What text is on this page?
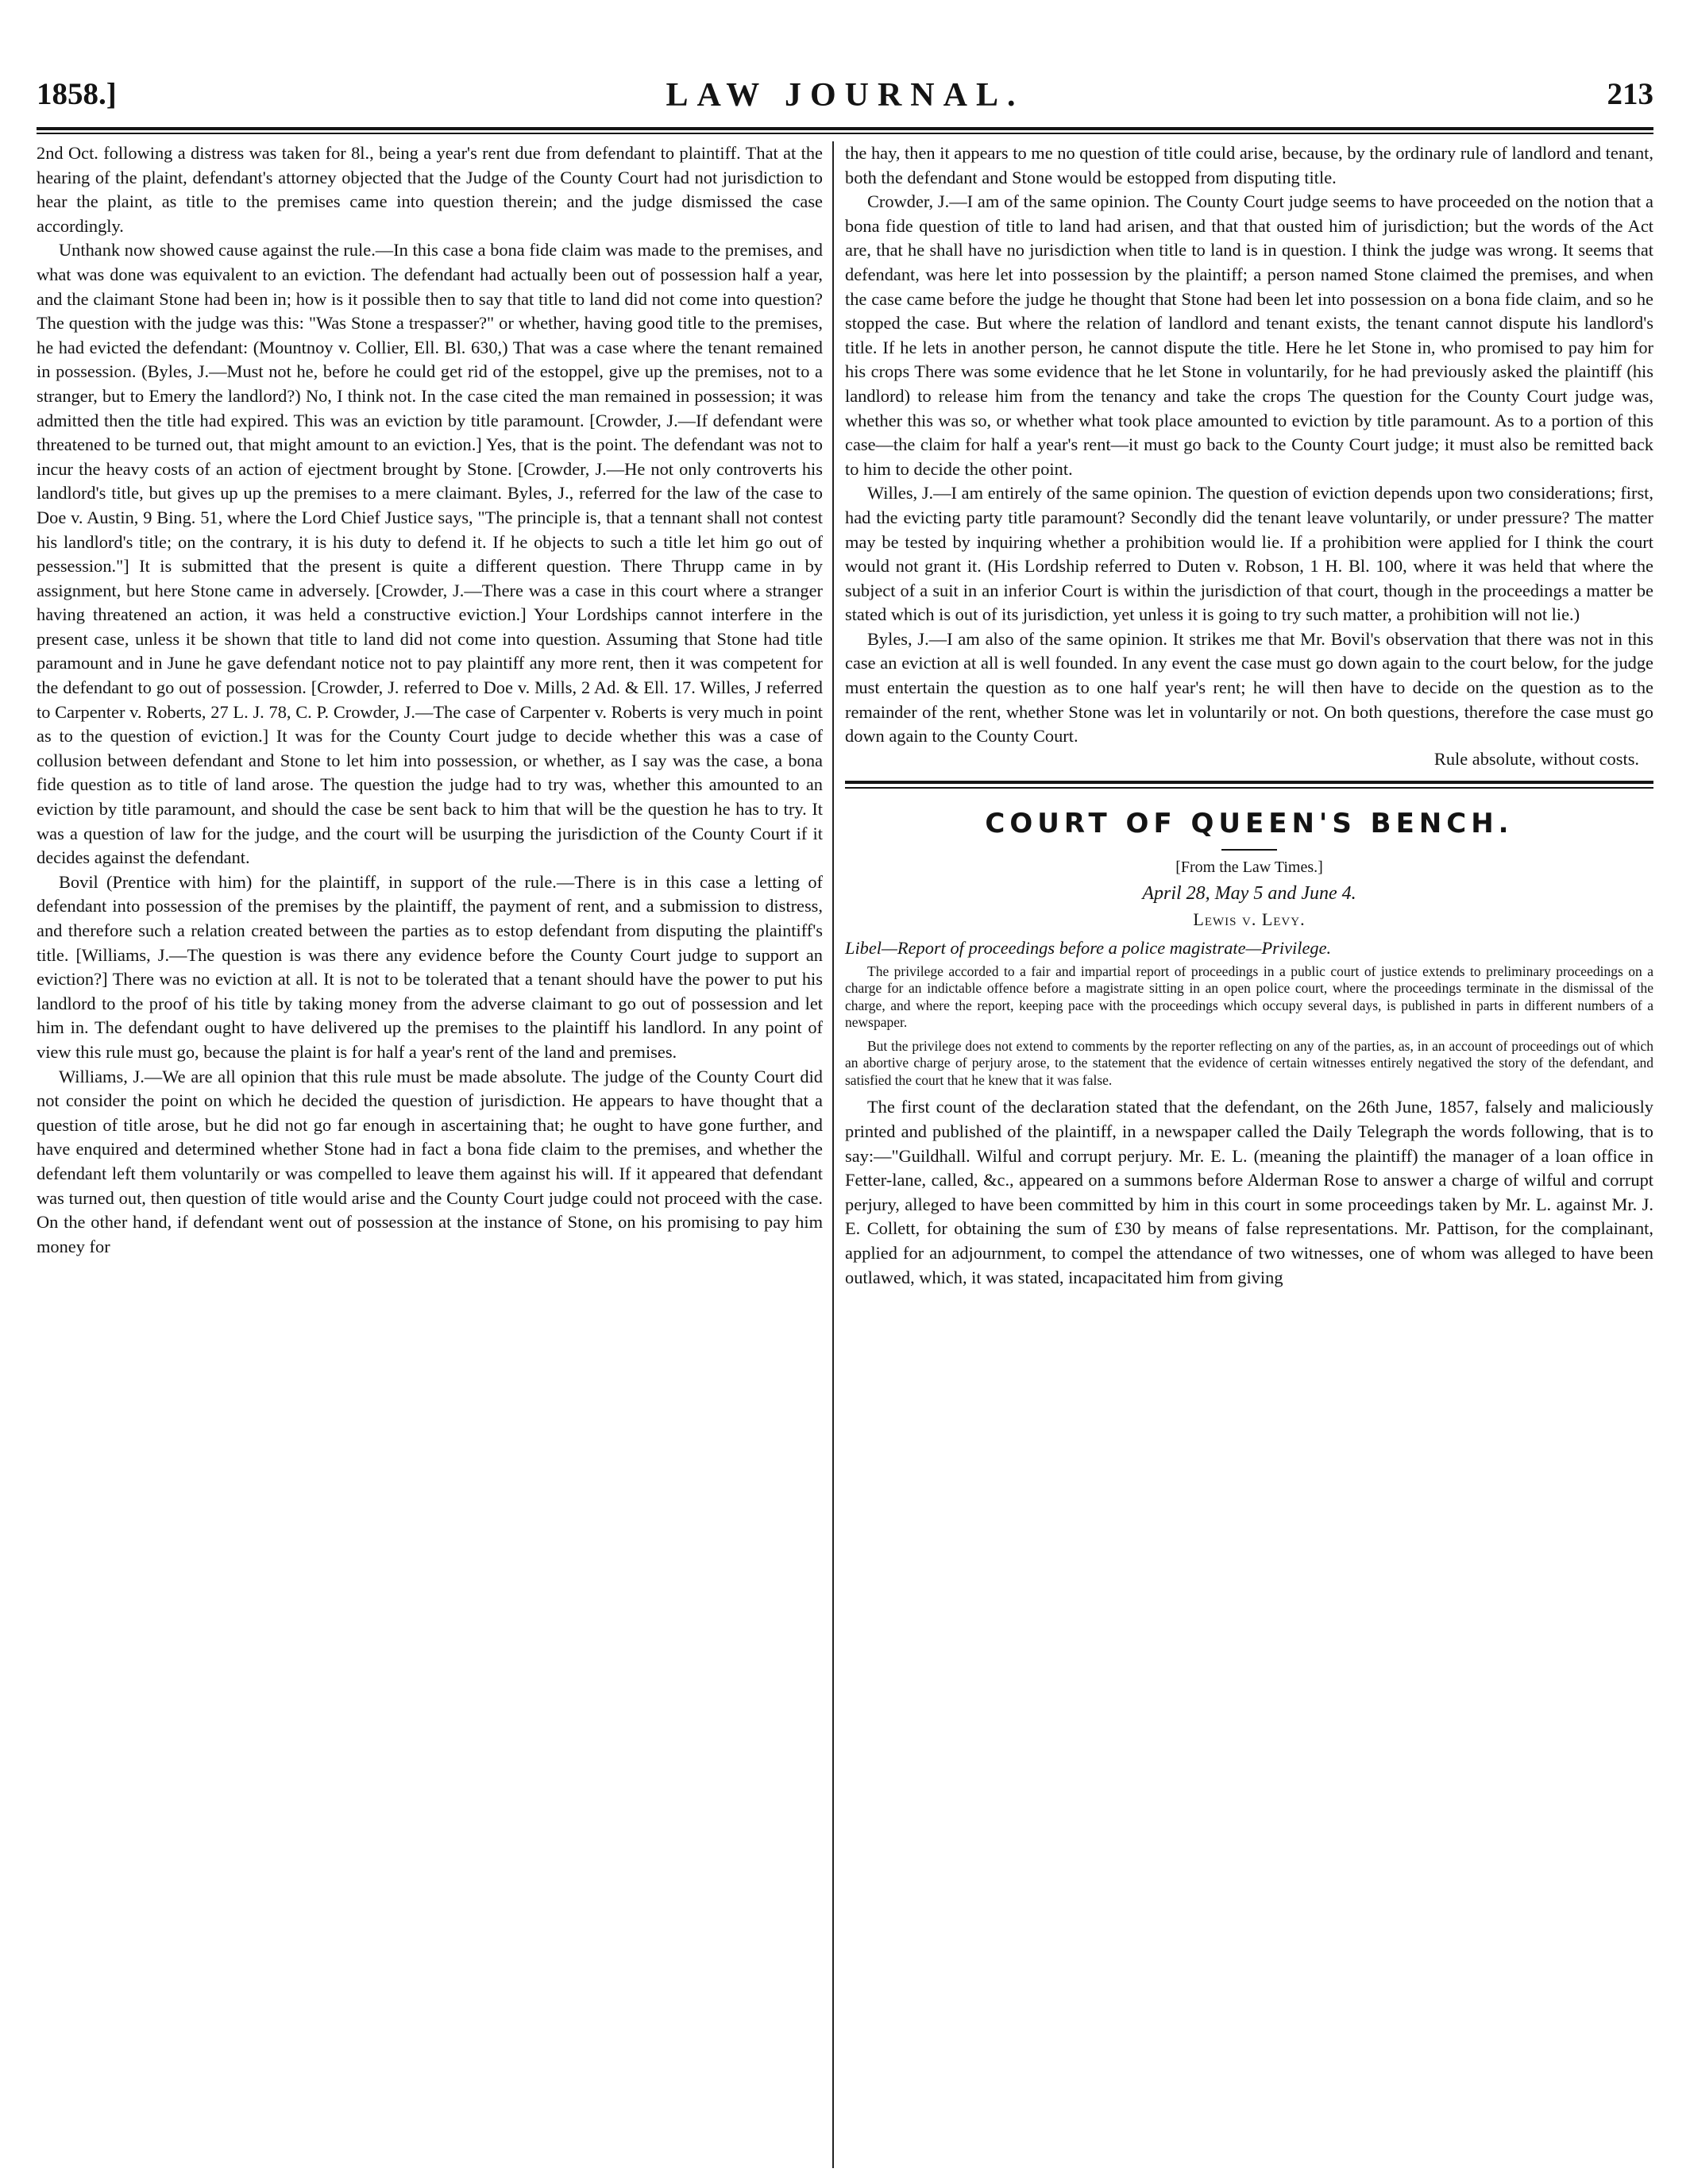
1858.]	LAW JOURNAL.	213

2nd Oct. following a distress was taken for 8l., being a year's rent due from defendant to plaintiff. That at the hearing of the plaint, defendant's attorney objected that the Judge of the County Court had not jurisdiction to hear the plaint, as title to the premises came into question therein; and the judge dismissed the case accordingly.

Unthank now showed cause against the rule.—In this case a bona fide claim was made to the premises, and what was done was equivalent to an eviction. The defendant had actually been out of possession half a year, and the claimant Stone had been in; how is it possible then to say that title to land did not come into question? The question with the judge was this: "Was Stone a trespasser?" or whether, having good title to the premises, he had evicted the defendant: (Mountnoy v. Collier, Ell. Bl. 630,) That was a case where the tenant remained in possession. (Byles, J.—Must not he, before he could get rid of the estoppel, give up the premises, not to a stranger, but to Emery the landlord?) No, I think not. In the case cited the man remained in possession; it was admitted then the title had expired. This was an eviction by title paramount. [Crowder, J.—If defendant were threatened to be turned out, that might amount to an eviction.] Yes, that is the point. The defendant was not to incur the heavy costs of an action of ejectment brought by Stone. [Crowder, J.—He not only controverts his landlord's title, but gives up up the premises to a mere claimant. Byles, J., referred for the law of the case to Doe v. Austin, 9 Bing. 51, where the Lord Chief Justice says, "The principle is, that a tennant shall not contest his landlord's title; on the contrary, it is his duty to defend it. If he objects to such a title let him go out of pessession."] It is submitted that the present is quite a different question. There Thrupp came in by assignment, but here Stone came in adversely. [Crowder, J.—There was a case in this court where a stranger having threatened an action, it was held a constructive eviction.] Your Lordships cannot interfere in the present case, unless it be shown that title to land did not come into question. Assuming that Stone had title paramount and in June he gave defendant notice not to pay plaintiff any more rent, then it was competent for the defendant to go out of possession. [Crowder, J. referred to Doe v. Mills, 2 Ad. & Ell. 17. Willes, J referred to Carpenter v. Roberts, 27 L. J. 78, C. P. Crowder, J.—The case of Carpenter v. Roberts is very much in point as to the question of eviction.] It was for the County Court judge to decide whether this was a case of collusion between defendant and Stone to let him into possession, or whether, as I say was the case, a bona fide question as to title of land arose. The question the judge had to try was, whether this amounted to an eviction by title paramount, and should the case be sent back to him that will be the question he has to try. It was a question of law for the judge, and the court will be usurping the jurisdiction of the County Court if it decides against the defendant.

Bovil (Prentice with him) for the plaintiff, in support of the rule.—There is in this case a letting of defendant into possession of the premises by the plaintiff, the payment of rent, and a submission to distress, and therefore such a relation created between the parties as to estop defendant from disputing the plaintiff's title. [Williams, J.—The question is was there any evidence before the County Court judge to support an eviction?] There was no eviction at all. It is not to be tolerated that a tenant should have the power to put his landlord to the proof of his title by taking money from the adverse claimant to go out of possession and let him in. The defendant ought to have delivered up the premises to the plaintiff his landlord. In any point of view this rule must go, because the plaint is for half a year's rent of the land and premises.

Williams, J.—We are all opinion that this rule must be made absolute. The judge of the County Court did not consider the point on which he decided the question of jurisdiction. He appears to have thought that a question of title arose, but he did not go far enough in ascertaining that; he ought to have gone further, and have enquired and determined whether Stone had in fact a bona fide claim to the premises, and whether the defendant left them voluntarily or was compelled to leave them against his will. If it appeared that defendant was turned out, then question of title would arise and the County Court judge could not proceed with the case. On the other hand, if defendant went out of possession at the instance of Stone, on his promising to pay him money for

the hay, then it appears to me no question of title could arise, because, by the ordinary rule of landlord and tenant, both the defendant and Stone would be estopped from disputing title.

Crowder, J.—I am of the same opinion. The County Court judge seems to have proceeded on the notion that a bona fide question of title to land had arisen, and that that ousted him of jurisdiction; but the words of the Act are, that he shall have no jurisdiction when title to land is in question. I think the judge was wrong. It seems that defendant, was here let into possession by the plaintiff; a person named Stone claimed the premises, and when the case came before the judge he thought that Stone had been let into possession on a bona fide claim, and so he stopped the case. But where the relation of landlord and tenant exists, the tenant cannot dispute his landlord's title. If he lets in another person, he cannot dispute the title. Here he let Stone in, who promised to pay him for his crops There was some evidence that he let Stone in voluntarily, for he had previously asked the plaintiff (his landlord) to release him from the tenancy and take the crops The question for the County Court judge was, whether this was so, or whether what took place amounted to eviction by title paramount. As to a portion of this case—the claim for half a year's rent—it must go back to the County Court judge; it must also be remitted back to him to decide the other point.

Willes, J.—I am entirely of the same opinion. The question of eviction depends upon two considerations; first, had the evicting party title paramount? Secondly did the tenant leave voluntarily, or under pressure? The matter may be tested by inquiring whether a prohibition would lie. If a prohibition were applied for I think the court would not grant it. (His Lordship referred to Duten v. Robson, 1 H. Bl. 100, where it was held that where the subject of a suit in an inferior Court is within the jurisdiction of that court, though in the proceedings a matter be stated which is out of its jurisdiction, yet unless it is going to try such matter, a prohibition will not lie.)

Byles, J.—I am also of the same opinion. It strikes me that Mr. Bovil's observation that there was not in this case an eviction at all is well founded. In any event the case must go down again to the court below, for the judge must entertain the question as to one half year's rent; he will then have to decide on the question as to the remainder of the rent, whether Stone was let in voluntarily or not. On both questions, therefore the case must go down again to the County Court.

Rule absolute, without costs.

COURT OF QUEEN'S BENCH.

[From the Law Times.]

April 28, May 5 and June 4.

Lewis v. Levy.

Libel—Report of proceedings before a police magistrate—Privilege.

The privilege accorded to a fair and impartial report of proceedings in a public court of justice extends to preliminary proceedings on a charge for an indictable offence before a magistrate sitting in an open police court, where the proceedings terminate in the dismissal of the charge, and where the report, keeping pace with the proceedings which occupy several days, is published in parts in different numbers of a newspaper.

But the privilege does not extend to comments by the reporter reflecting on any of the parties, as, in an account of proceedings out of which an abortive charge of perjury arose, to the statement that the evidence of certain witnesses entirely negatived the story of the defendant, and satisfied the court that he knew that it was false.

The first count of the declaration stated that the defendant, on the 26th June, 1857, falsely and maliciously printed and published of the plaintiff, in a newspaper called the Daily Telegraph the words following, that is to say:—"Guildhall. Wilful and corrupt perjury. Mr. E. L. (meaning the plaintiff) the manager of a loan office in Fetter-lane, called, &c., appeared on a summons before Alderman Rose to answer a charge of wilful and corrupt perjury, alleged to have been committed by him in this court in some proceedings taken by Mr. L. against Mr. J. E. Collett, for obtaining the sum of £30 by means of false representations. Mr. Pattison, for the complainant, applied for an adjournment, to compel the attendance of two witnesses, one of whom was alleged to have been outlawed, which, it was stated, incapacitated him from giving
